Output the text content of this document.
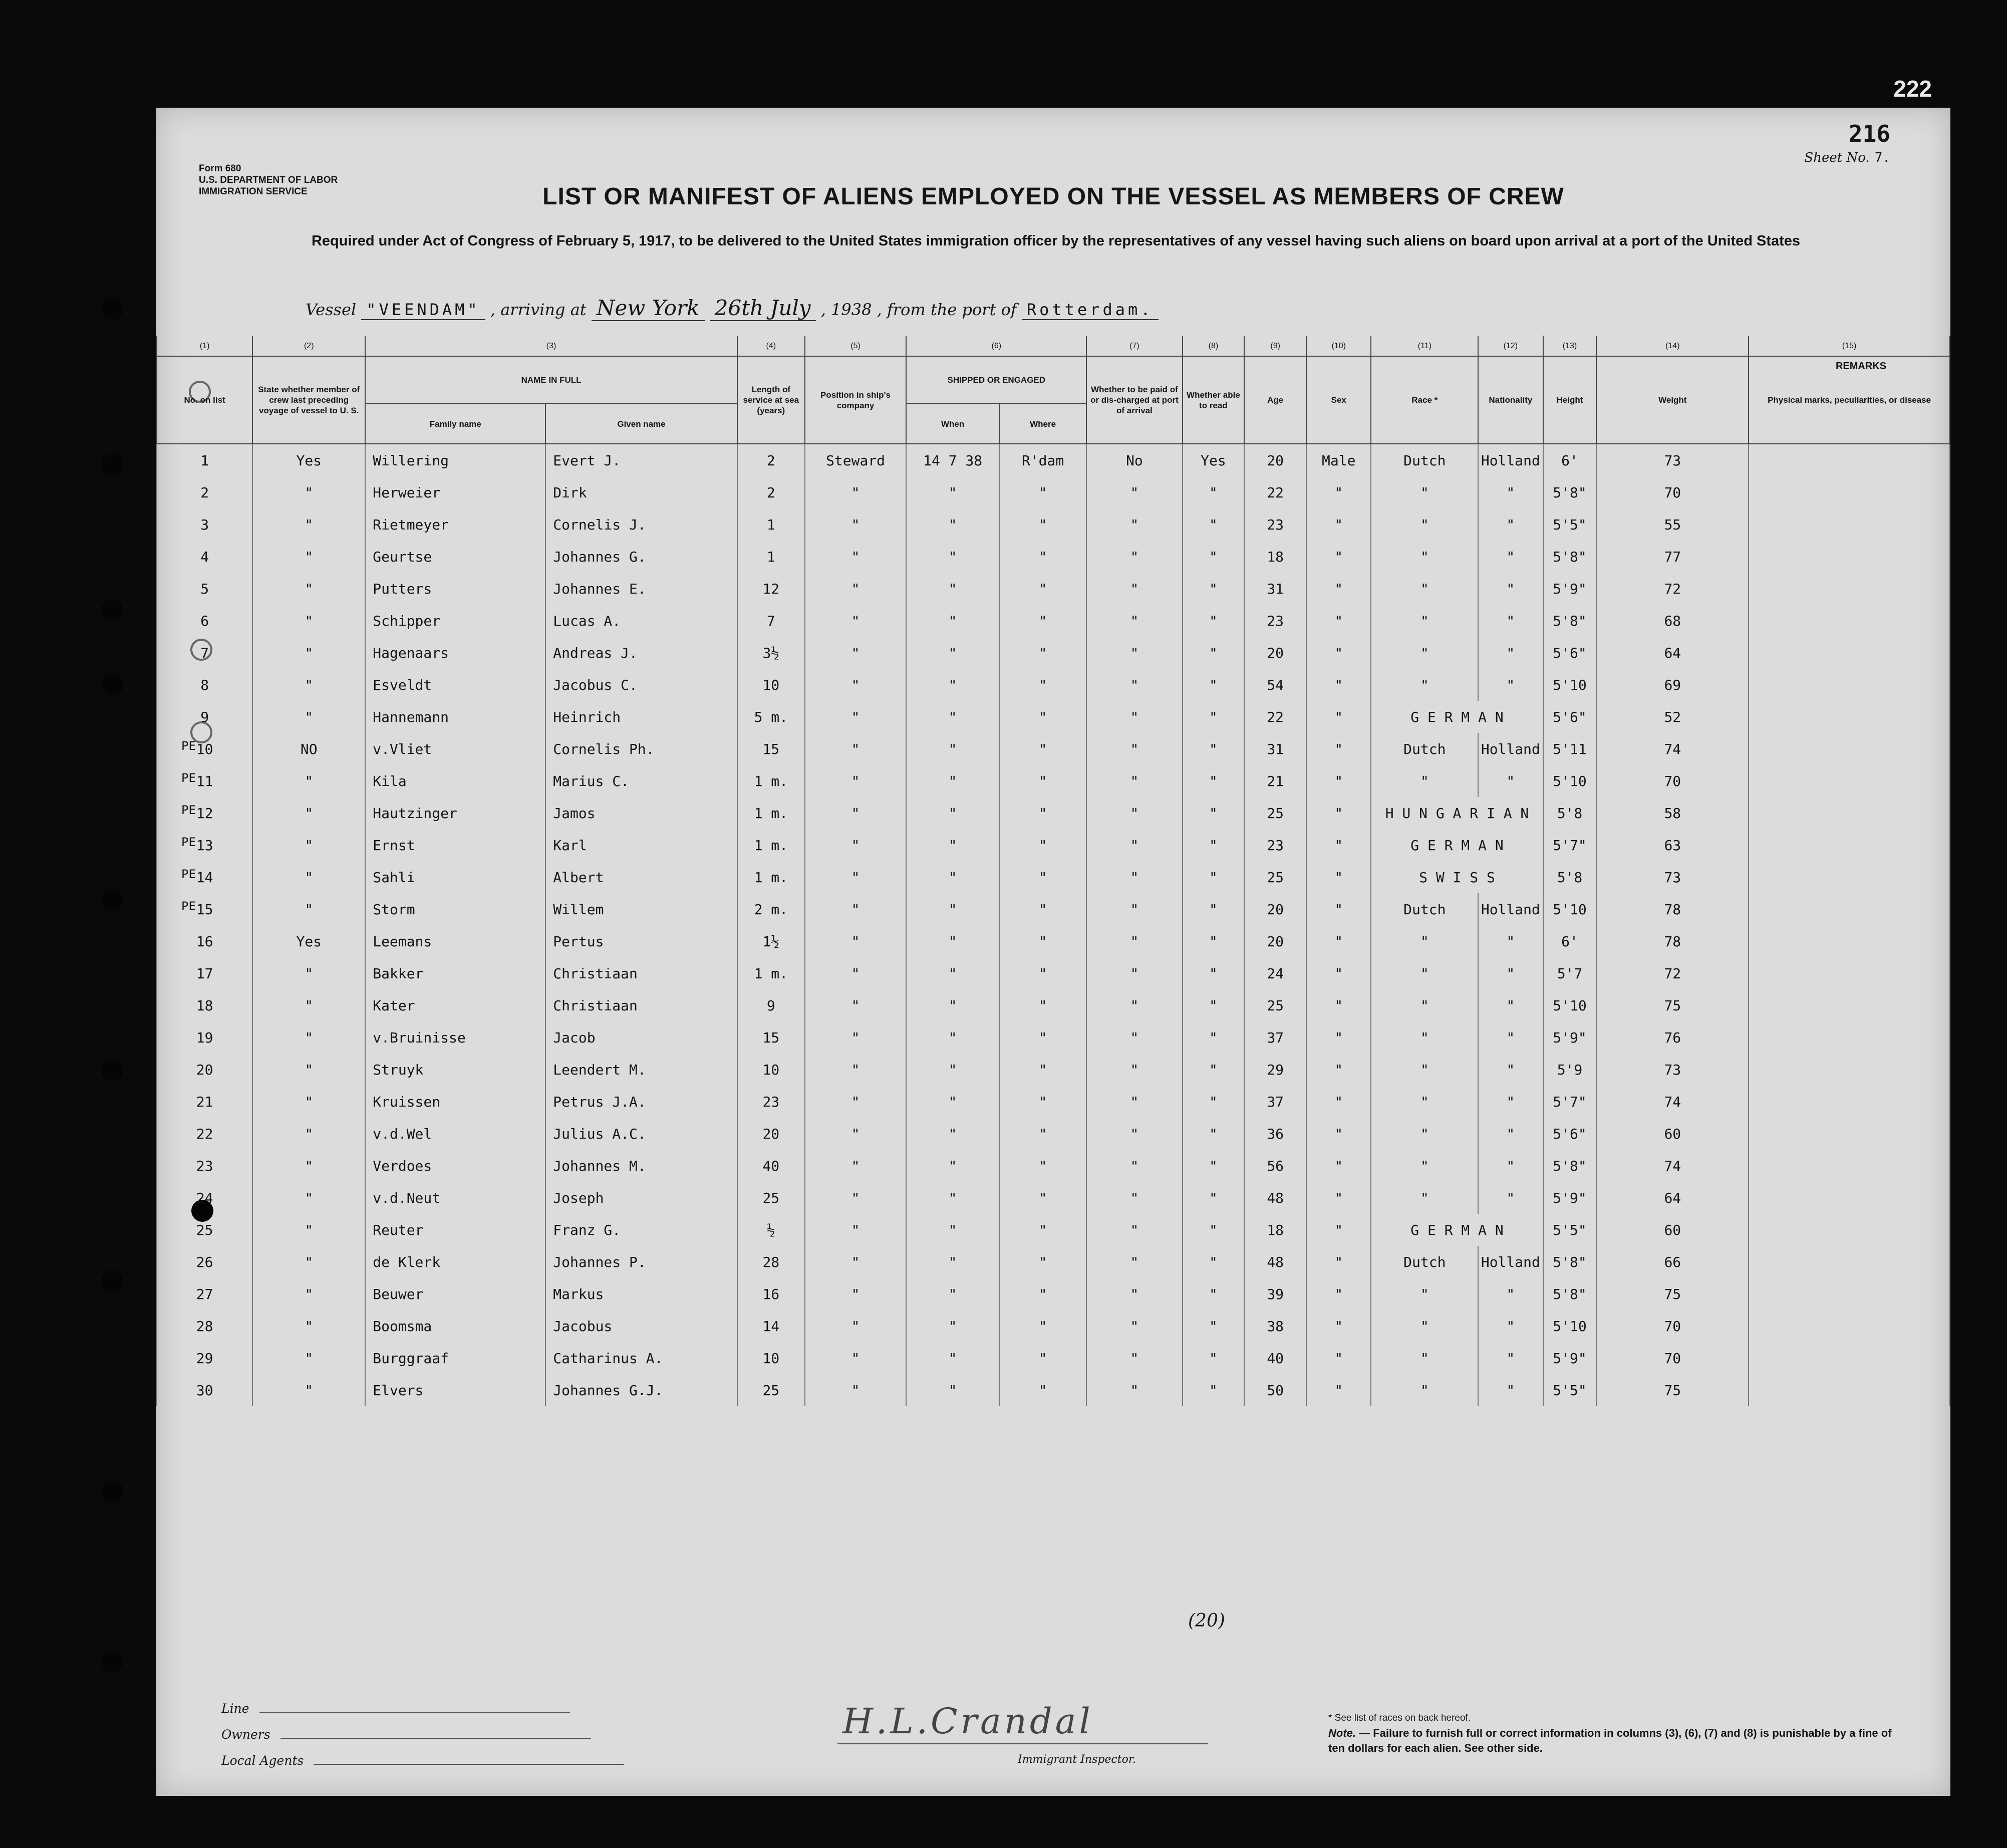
222
Form 680
U.S. DEPARTMENT OF LABOR
IMMIGRATION SERVICE
Sheet No. 7.
216
LIST OR MANIFEST OF ALIENS EMPLOYED ON THE VESSEL AS MEMBERS OF CREW
Required under Act of Congress of February 5, 1917, to be delivered to the United States immigration officer by the representatives of any vessel having such aliens on board upon arrival at a port of the United States
Vessel "VEENDAM" , arriving at New York 26th July , 1938 , from the port of Rotterdam.
(1)	(2)	(3)		(4)	(5)	(6)		(7)	(8)	(9)	(10)	(11)	(12)	(13)	(14)	(15)
No. on list	State whether member of crew last preceding voyage of vessel to U. S.	NAME IN FULL		Length of service at sea (years)	Position in ship's company	SHIPPED OR ENGAGED		Whether to be paid of or dis-charged at port of arrival	Whether able to read	Age	Sex	Race *	Nationality	Height	Weight	Physical marks, peculiarities, or disease
		Family name	Given name			When	Where									
1	Yes	Willering	Evert J.	2	Steward	14 7 38	R'dam	No	Yes	20	Male	Dutch	Holland	6'	73	
2	"	Herweier	Dirk	2	"	"	"	"	"	22	"	"	"	5'8"	70	
3	"	Rietmeyer	Cornelis J.	1	"	"	"	"	"	23	"	"	"	5'5"	55	
4	"	Geurtse	Johannes G.	1	"	"	"	"	"	18	"	"	"	5'8"	77	
5	"	Putters	Johannes E.	12	"	"	"	"	"	31	"	"	"	5'9"	72	
6	"	Schipper	Lucas A.	7	"	"	"	"	"	23	"	"	"	5'8"	68	
7	"	Hagenaars	Andreas J.	3½	"	"	"	"	"	20	"	"	"	5'6"	64	
8	"	Esveldt	Jacobus C.	10	"	"	"	"	"	54	"	"	"	5'10	69	
9	"	Hannemann	Heinrich	5 m.	"	"	"	"	"	22	"	G E R M A N		5'6"	52	
10	NO	v.Vliet	Cornelis Ph.	15	"	"	"	"	"	31	"	Dutch	Holland	5'11	74	
11	"	Kila	Marius C.	1 m.	"	"	"	"	"	21	"	"	"	5'10	70	
12	"	Hautzinger	Jamos	1 m.	"	"	"	"	"	25	"	H U N G A R I A N		5'8	58	
13	"	Ernst	Karl	1 m.	"	"	"	"	"	23	"	G E R M A N		5'7"	63	
14	"	Sahli	Albert	1 m.	"	"	"	"	"	25	"	S W I S S		5'8	73	
15	"	Storm	Willem	2 m.	"	"	"	"	"	20	"	Dutch	Holland	5'10	78	
16	Yes	Leemans	Pertus	1½	"	"	"	"	"	20	"	"	"	6'	78	
17	"	Bakker	Christiaan	1 m.	"	"	"	"	"	24	"	"	"	5'7	72	
18	"	Kater	Christiaan	9	"	"	"	"	"	25	"	"	"	5'10	75	
19	"	v.Bruinisse	Jacob	15	"	"	"	"	"	37	"	"	"	5'9"	76	
20	"	Struyk	Leendert M.	10	"	"	"	"	"	29	"	"	"	5'9	73	
21	"	Kruissen	Petrus J.A.	23	"	"	"	"	"	37	"	"	"	5'7"	74	
22	"	v.d.Wel	Julius A.C.	20	"	"	"	"	"	36	"	"	"	5'6"	60	
23	"	Verdoes	Johannes M.	40	"	"	"	"	"	56	"	"	"	5'8"	74	
24	"	v.d.Neut	Joseph	25	"	"	"	"	"	48	"	"	"	5'9"	64	
25	"	Reuter	Franz G.	½	"	"	"	"	"	18	"	G E R M A N		5'5"	60	
26	"	de Klerk	Johannes P.	28	"	"	"	"	"	48	"	Dutch	Holland	5'8"	66	
27	"	Beuwer	Markus	16	"	"	"	"	"	39	"	"	"	5'8"	75	
28	"	Boomsma	Jacobus	14	"	"	"	"	"	38	"	"	"	5'10	70	
29	"	Burggraaf	Catharinus A.	10	"	"	"	"	"	40	"	"	"	5'9"	70	
30	"	Elvers	Johannes G.J.	25	"	"	"	"	"	50	"	"	"	5'5"	75	
REMARKS
(20)
Line
Owners
Local Agents
H.L.Crandal
Immigrant Inspector.

* See list of races on back hereof.

Note. — Failure to furnish full or correct information in columns (3), (6), (7) and (8) is punishable by a fine of ten dollars for each alien. See other side.

PE
PE
PE
PE
PE
PE
